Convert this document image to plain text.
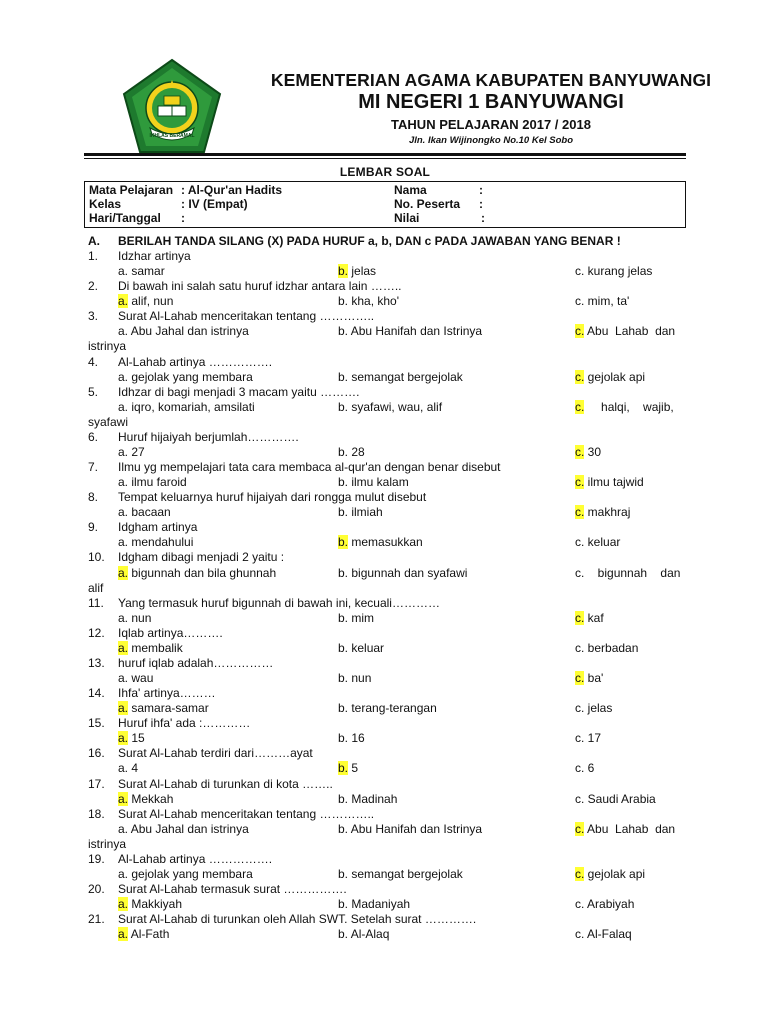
IKHLAS BERAMAL
KEMENTERIAN AGAMA KABUPATEN BANYUWANGI
MI NEGERI 1 BANYUWANGI
TAHUN PELAJARAN 2017 / 2018
Jln. Ikan Wijinongko No.10 Kel Sobo
LEMBAR SOAL
Mata Pelajaran : Al-Qur'an Hadits	Nama	:
Kelas	: IV (Empat)	No. Peserta :
Hari/Tanggal :	Nilai	:
A. BERILAH TANDA SILANG (X) PADA HURUF a, b, DAN c PADA JAWABAN YANG BENAR !
1. Idzhar artinya
a. samar	b. jelas	c. kurang jelas
2. Di bawah ini salah satu huruf idzhar antara lain ……..
a. alif, nun	b. kha, kho'	c. mim, ta'
3. Surat Al-Lahab menceritakan tentang …………..
a. Abu Jahal dan istrinya	b. Abu Hanifah dan Istrinya	c. Abu  Lahab  dan
istrinya
4. Al-Lahab artinya …………….
a. gejolak yang membara	b. semangat bergejolak	c. gejolak api
5. Idhzar di bagi menjadi 3 macam yaitu ……….
a. iqro, komariah, amsilati	b. syafawi, wau, alif	c.     halqi,    wajib,
syafawi
6. Huruf hijaiyah berjumlah………….
a. 27	b. 28	c. 30
7. Ilmu yg mempelajari tata cara membaca al-qur'an dengan benar disebut
a. ilmu faroid	b. ilmu kalam	c. ilmu tajwid
8. Tempat keluarnya huruf hijaiyah dari rongga mulut disebut
a. bacaan	b. ilmiah	c. makhraj
9. Idgham artinya
a. mendahului	b. memasukkan	c. keluar
10. Idgham dibagi menjadi 2 yaitu :
a. bigunnah dan bila ghunnah	b. bigunnah dan syafawi	c.    bigunnah    dan
alif
11. Yang termasuk huruf bigunnah di bawah ini, kecuali…………
a. nun	b. mim	c. kaf
12. Iqlab artinya……….
a. membalik	b. keluar	c. berbadan
13. huruf iqlab adalah……………
a. wau	b. nun	c. ba'
14. Ihfa' artinya………
a. samara-samar	b. terang-terangan	c. jelas
15. Huruf ihfa' ada :…………
a. 15	b. 16	c. 17
16. Surat Al-Lahab terdiri dari………ayat
a. 4	b. 5	c. 6
17. Surat Al-Lahab di turunkan di kota ……..
a. Mekkah	b. Madinah	c. Saudi Arabia
18. Surat Al-Lahab menceritakan tentang …………..
a. Abu Jahal dan istrinya	b. Abu Hanifah dan Istrinya	c. Abu  Lahab  dan
istrinya
19. Al-Lahab artinya …………….
a. gejolak yang membara	b. semangat bergejolak	c. gejolak api
20. Surat Al-Lahab termasuk surat …………….
a. Makkiyah	b. Madaniyah	c. Arabiyah
21. Surat Al-Lahab di turunkan oleh Allah SWT. Setelah surat ………….
a. Al-Fath	b. Al-Alaq	c. Al-Falaq
